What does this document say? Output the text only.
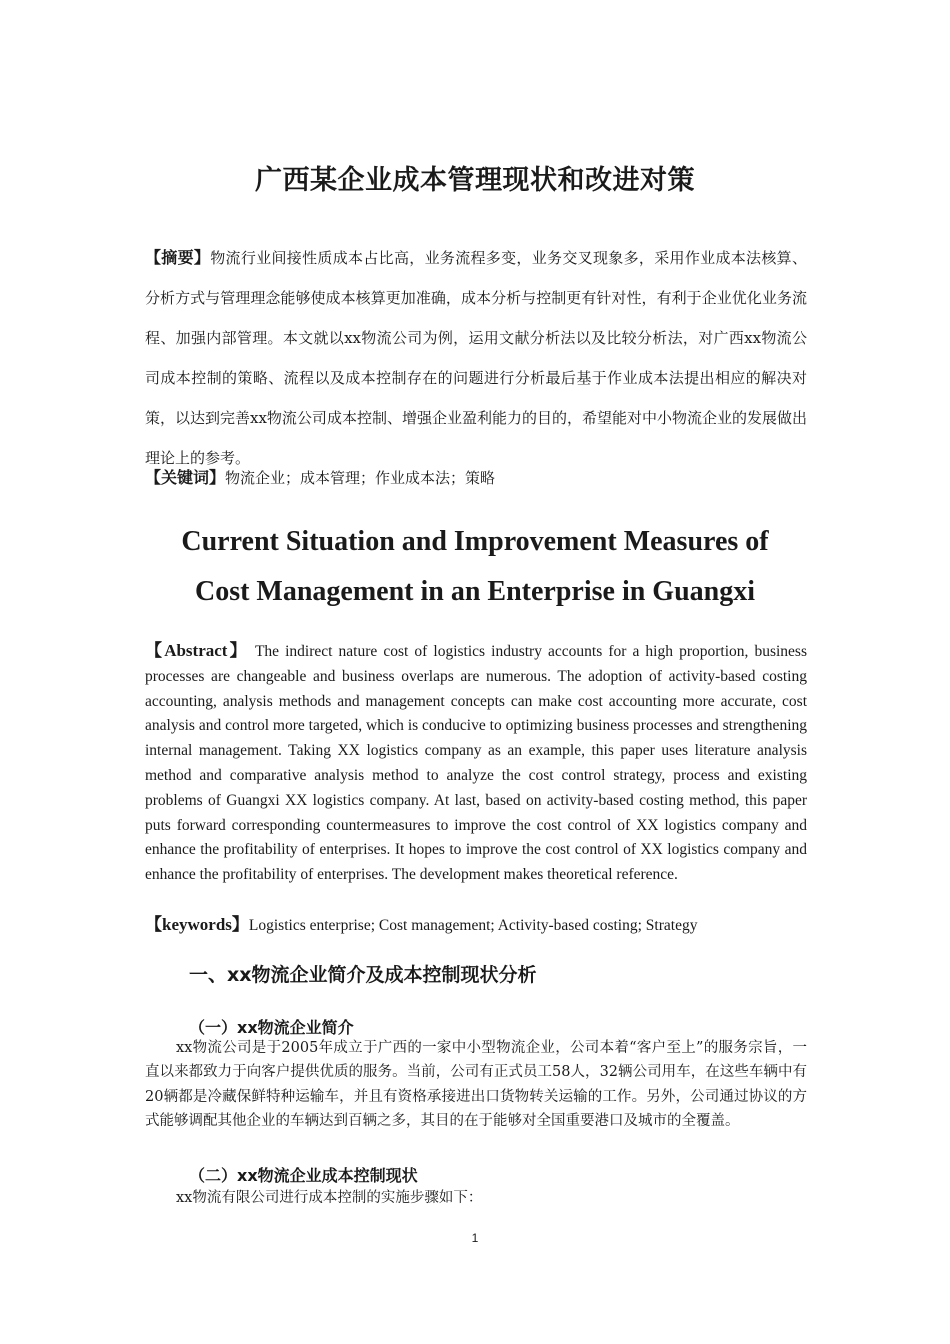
广西某企业成本管理现状和改进对策
【摘要】物流行业间接性质成本占比高，业务流程多变，业务交叉现象多，采用作业成本法核算、分析方式与管理理念能够使成本核算更加准确，成本分析与控制更有针对性，有利于企业优化业务流程、加强内部管理。本文就以xx物流公司为例，运用文献分析法以及比较分析法，对广西xx物流公司成本控制的策略、流程以及成本控制存在的问题进行分析最后基于作业成本法提出相应的解决对策，以达到完善xx物流公司成本控制、增强企业盈利能力的目的，希望能对中小物流企业的发展做出理论上的参考。
【关键词】物流企业；成本管理；作业成本法；策略
Current Situation and Improvement Measures of
Cost Management in an Enterprise in Guangxi
【Abstract】 The indirect nature cost of logistics industry accounts for a high proportion, business processes are changeable and business overlaps are numerous. The adoption of activity-based costing accounting, analysis methods and management concepts can make cost accounting more accurate, cost analysis and control more targeted, which is conducive to optimizing business processes and strengthening internal management. Taking XX logistics company as an example, this paper uses literature analysis method and comparative analysis method to analyze the cost control strategy, process and existing problems of Guangxi XX logistics company. At last, based on activity-based costing method, this paper puts forward corresponding countermeasures to improve the cost control of XX logistics company and enhance the profitability of enterprises. It hopes to improve the cost control of XX logistics company and enhance the profitability of enterprises. The development makes theoretical reference.
【keywords】Logistics enterprise; Cost management; Activity-based costing; Strategy
一、xx物流企业简介及成本控制现状分析
（一）xx物流企业简介
xx物流公司是于2005年成立于广西的一家中小型物流企业，公司本着“客户至上”的服务宗旨，一直以来都致力于向客户提供优质的服务。当前，公司有正式员工58人，32辆公司用车，在这些车辆中有20辆都是冷藏保鲜特种运输车，并且有资格承接进出口货物转关运输的工作。另外，公司通过协议的方式能够调配其他企业的车辆达到百辆之多，其目的在于能够对全国重要港口及城市的全覆盖。
（二）xx物流企业成本控制现状
xx物流有限公司进行成本控制的实施步骤如下：
1
